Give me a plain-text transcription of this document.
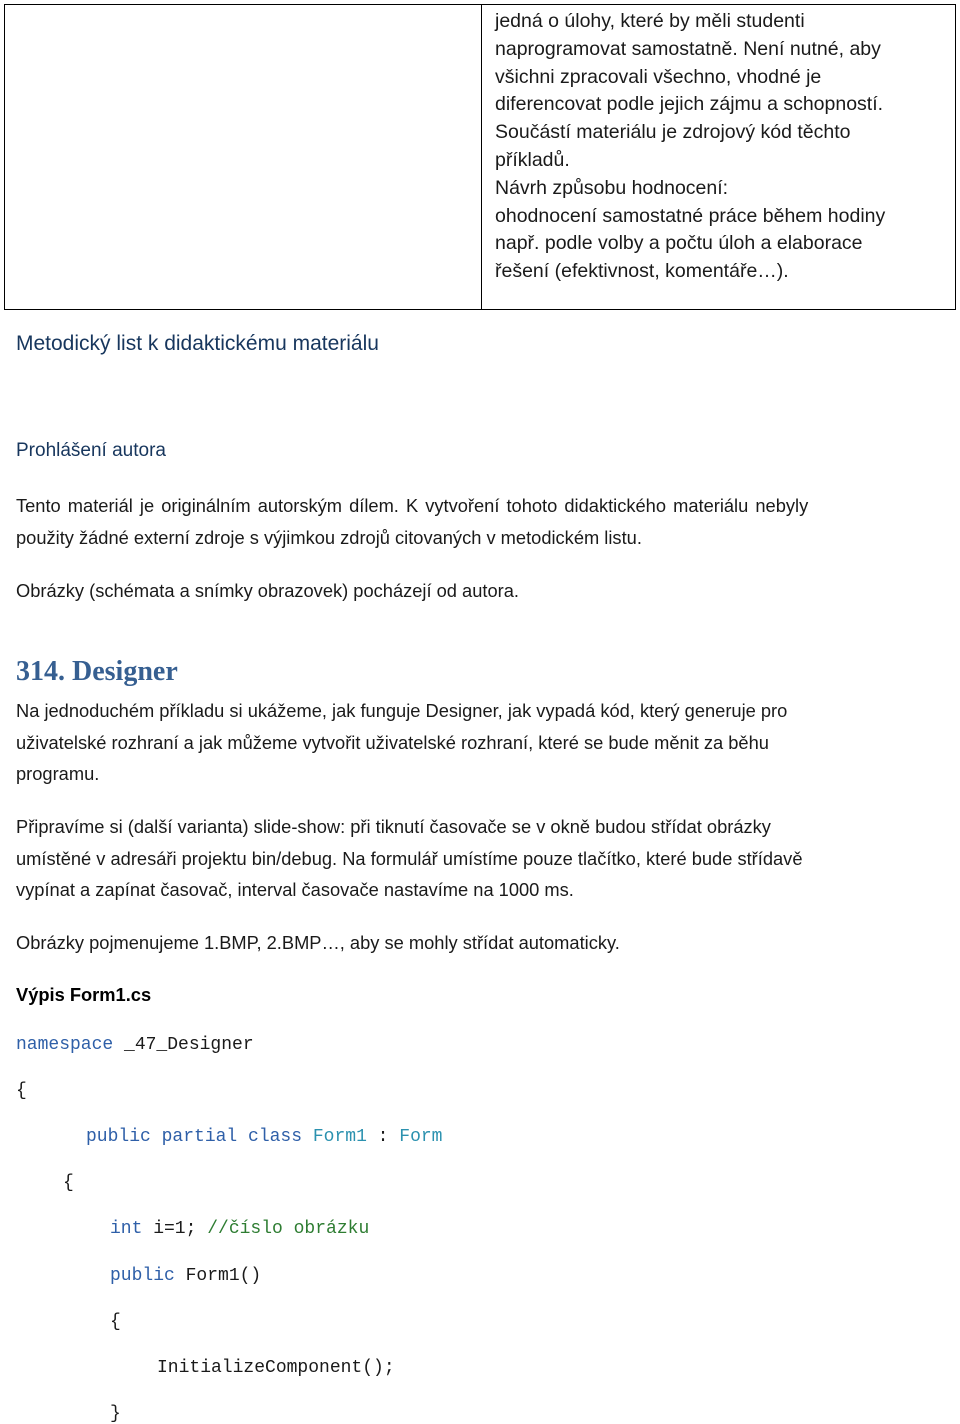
jedná o úlohy, které by měli studenti
naprogramovat samostatně. Není nutné, aby
všichni zpracovali všechno, vhodné je
diferencovat podle jejich zájmu a schopností.
Součástí materiálu je zdrojový kód těchto
příkladů.
Návrh způsobu hodnocení:
ohodnocení samostatné práce během hodiny
např. podle volby a počtu úloh a elaborace
řešení (efektivnost, komentáře…).
Metodický list k didaktickému materiálu
Prohlášení autora

Tento materiál je originálním autorským dílem. K vytvoření tohoto didaktického materiálu nebyly
použity žádné externí zdroje s výjimkou zdrojů citovaných v metodickém listu.

Obrázky (schémata a snímky obrazovek) pocházejí od autora.

314. Designer

Na jednoduchém příkladu si ukážeme, jak funguje Designer, jak vypadá kód, který generuje pro
uživatelské rozhraní a jak můžeme vytvořit uživatelské rozhraní, které se bude měnit za běhu
programu.

Připravíme si (další varianta) slide-show: při tiknutí časovače se v okně budou střídat obrázky
umístěné v adresáři projektu bin/debug. Na formulář umístíme pouze tlačítko, které bude střídavě
vypínat a zapínat časovač, interval časovače nastavíme na 1000 ms.

Obrázky pojmenujeme 1.BMP, 2.BMP…, aby se mohly střídat automaticky.

Výpis Form1.cs
namespace _47_Designer
{
public partial class Form1 : Form
{
int i=1; //číslo obrázku
public Form1()
{
InitializeComponent();
}
